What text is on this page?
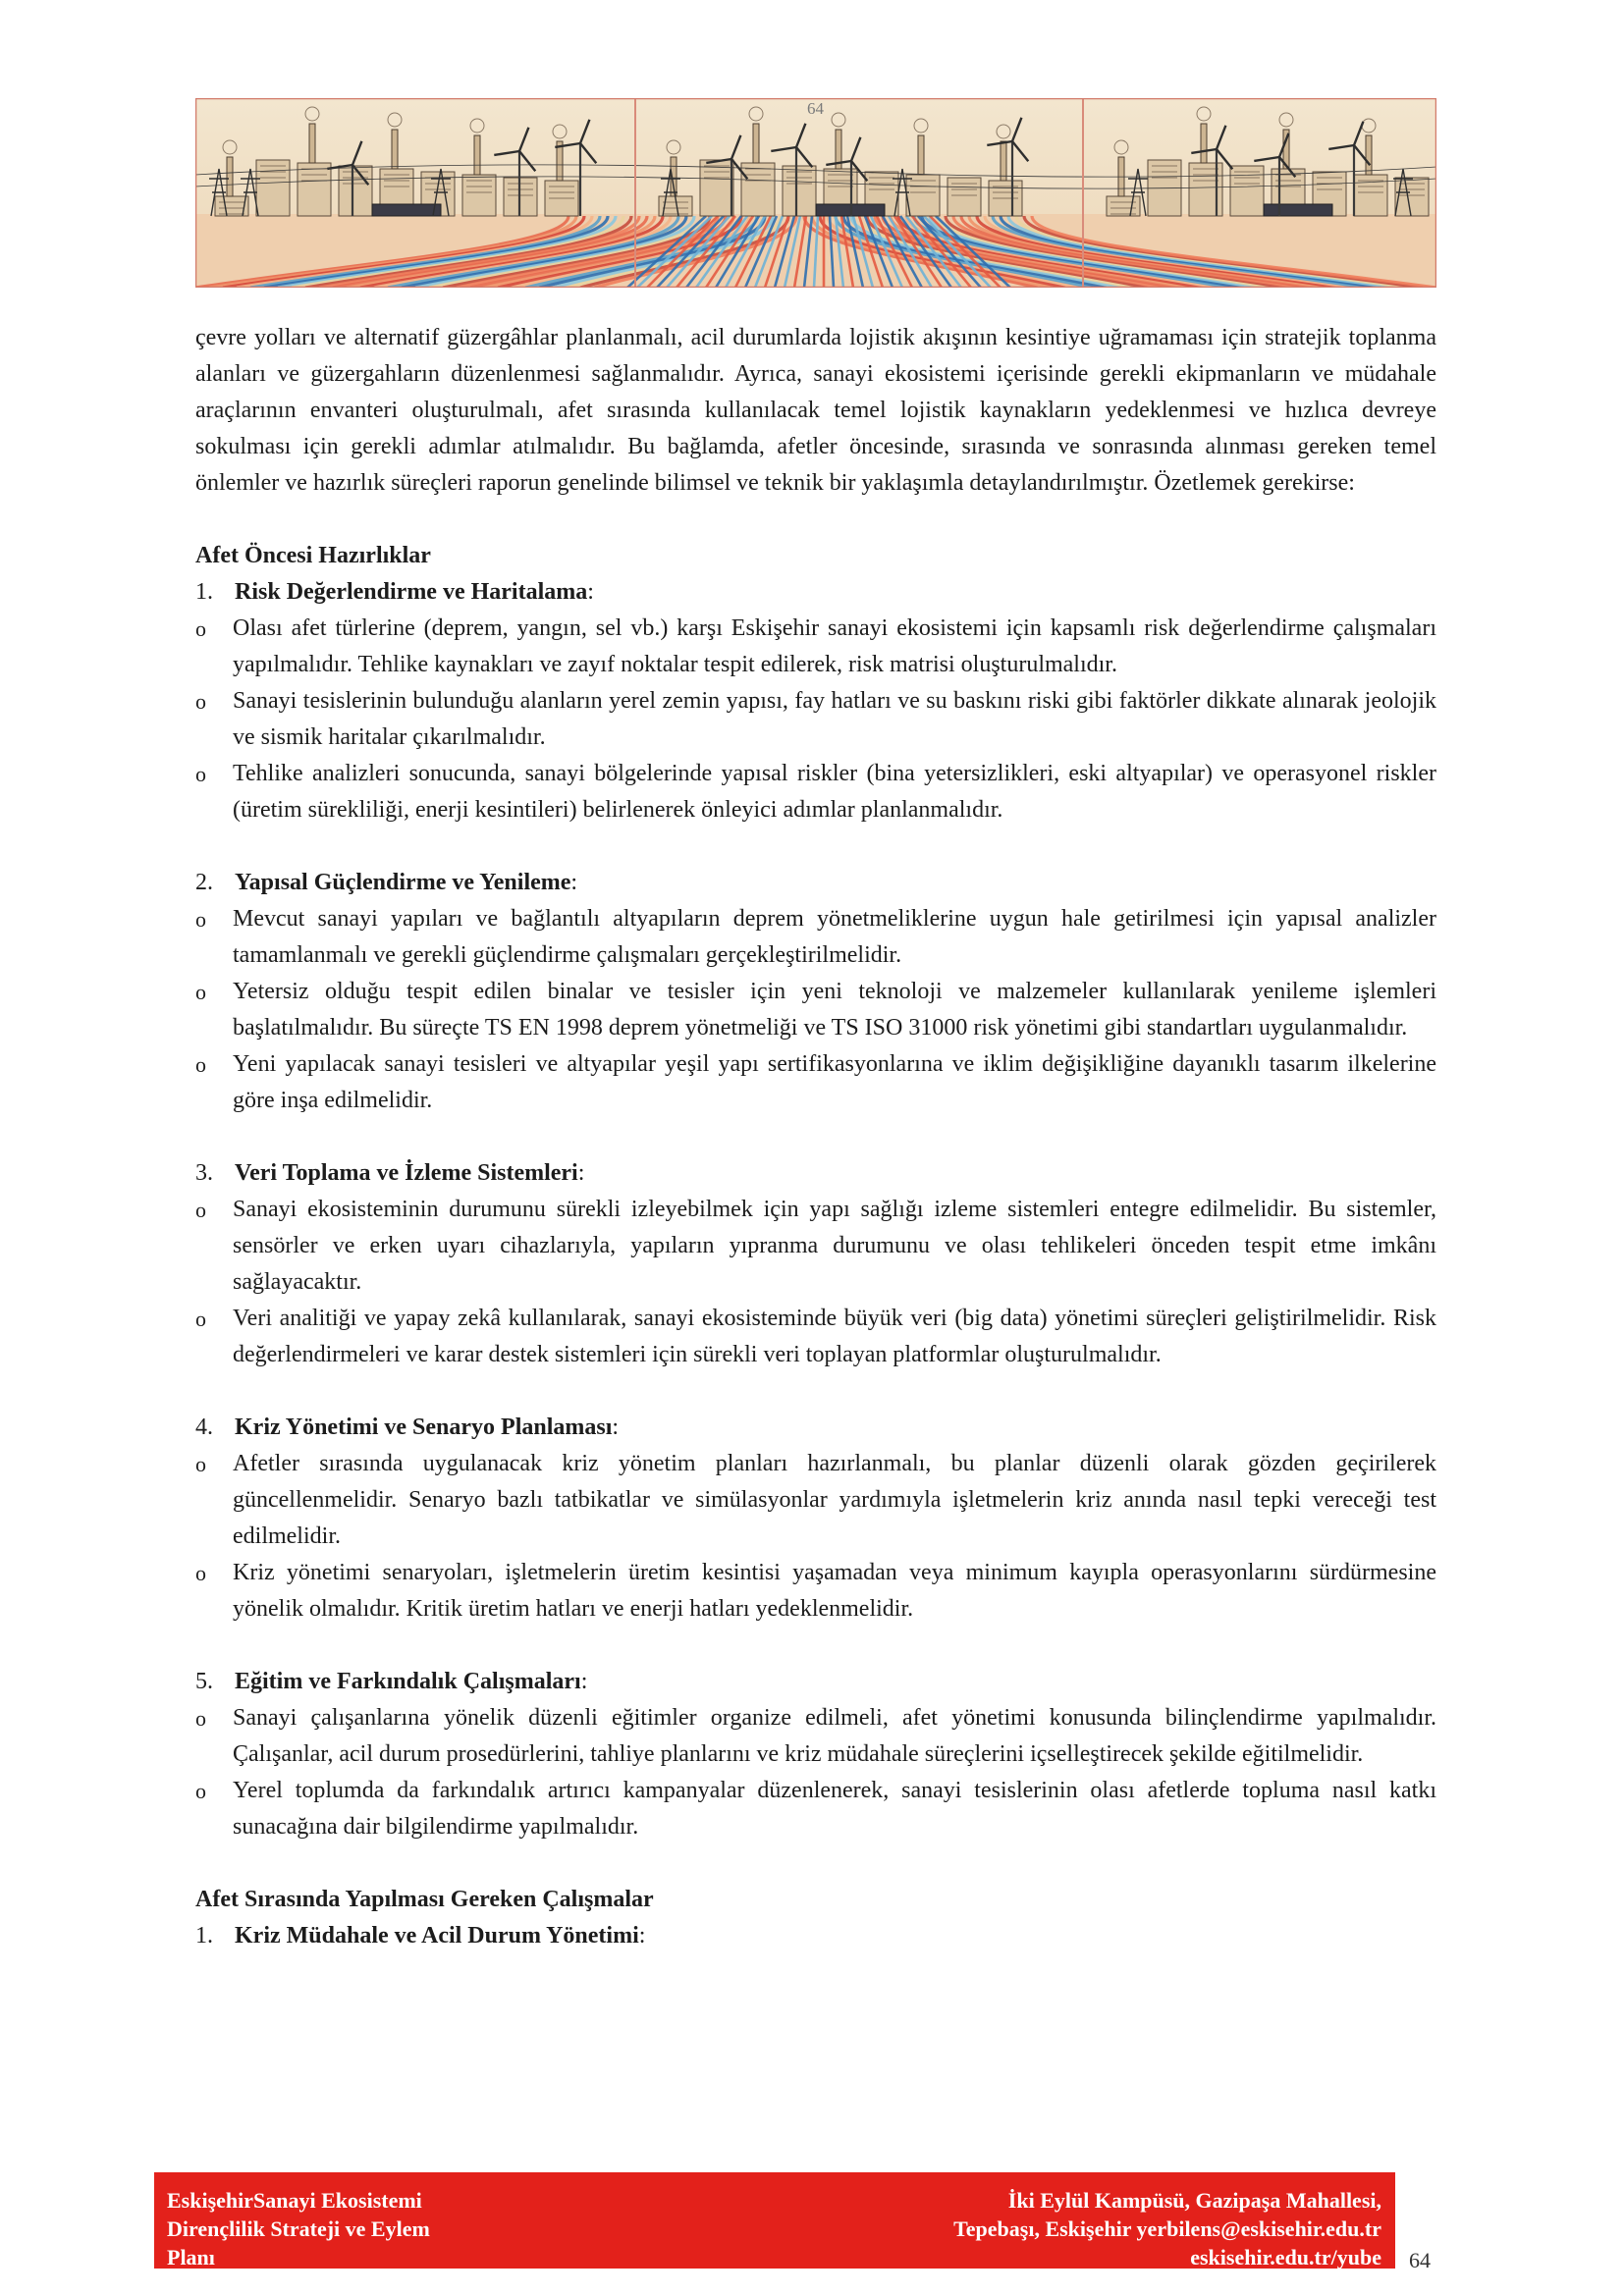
64

çevre yolları ve alternatif güzergâhlar planlanmalı, acil durumlarda lojistik akışının kesintiye uğramaması için stratejik toplanma alanları ve güzergahların düzenlenmesi sağlanmalıdır. Ayrıca, sanayi ekosistemi içerisinde gerekli ekipmanların ve müdahale araçlarının envanteri oluşturulmalı, afet sırasında kullanılacak temel lojistik kaynakların yedeklenmesi ve hızlıca devreye sokulması için gerekli adımlar atılmalıdır. Bu bağlamda, afetler öncesinde, sırasında ve sonrasında alınması gereken temel önlemler ve hazırlık süreçleri raporun genelinde bilimsel ve teknik bir yaklaşımla detaylandırılmıştır. Özetlemek gerekirse:

Afet Öncesi Hazırlıklar
1. Risk Değerlendirme ve Haritalama:
o	Olası afet türlerine (deprem, yangın, sel vb.) karşı Eskişehir sanayi ekosistemi için kapsamlı risk değerlendirme çalışmaları yapılmalıdır. Tehlike kaynakları ve zayıf noktalar tespit edilerek, risk matrisi oluşturulmalıdır.
o	Sanayi tesislerinin bulunduğu alanların yerel zemin yapısı, fay hatları ve su baskını riski gibi faktörler dikkate alınarak jeolojik ve sismik haritalar çıkarılmalıdır.
o	Tehlike analizleri sonucunda, sanayi bölgelerinde yapısal riskler (bina yetersizlikleri, eski altyapılar) ve operasyonel riskler (üretim sürekliliği, enerji kesintileri) belirlenerek önleyici adımlar planlanmalıdır.
2. Yapısal Güçlendirme ve Yenileme:
o	Mevcut sanayi yapıları ve bağlantılı altyapıların deprem yönetmeliklerine uygun hale getirilmesi için yapısal analizler tamamlanmalı ve gerekli güçlendirme çalışmaları gerçekleştirilmelidir.
o	Yetersiz olduğu tespit edilen binalar ve tesisler için yeni teknoloji ve malzemeler kullanılarak yenileme işlemleri başlatılmalıdır. Bu süreçte TS EN 1998 deprem yönetmeliği ve TS ISO 31000 risk yönetimi gibi standartları uygulanmalıdır.
o	Yeni yapılacak sanayi tesisleri ve altyapılar yeşil yapı sertifikasyonlarına ve iklim değişikliğine dayanıklı tasarım ilkelerine göre inşa edilmelidir.
3. Veri Toplama ve İzleme Sistemleri:
o	Sanayi ekosisteminin durumunu sürekli izleyebilmek için yapı sağlığı izleme sistemleri entegre edilmelidir. Bu sistemler, sensörler ve erken uyarı cihazlarıyla, yapıların yıpranma durumunu ve olası tehlikeleri önceden tespit etme imkânı sağlayacaktır.
o	Veri analitiği ve yapay zekâ kullanılarak, sanayi ekosisteminde büyük veri (big data) yönetimi süreçleri geliştirilmelidir. Risk değerlendirmeleri ve karar destek sistemleri için sürekli veri toplayan platformlar oluşturulmalıdır.
4. Kriz Yönetimi ve Senaryo Planlaması:
o	Afetler sırasında uygulanacak kriz yönetim planları hazırlanmalı, bu planlar düzenli olarak gözden geçirilerek güncellenmelidir. Senaryo bazlı tatbikatlar ve simülasyonlar yardımıyla işletmelerin kriz anında nasıl tepki vereceği test edilmelidir.
o	Kriz yönetimi senaryoları, işletmelerin üretim kesintisi yaşamadan veya minimum kayıpla operasyonlarını sürdürmesine yönelik olmalıdır. Kritik üretim hatları ve enerji hatları yedeklenmelidir.
5. Eğitim ve Farkındalık Çalışmaları:
o	Sanayi çalışanlarına yönelik düzenli eğitimler organize edilmeli, afet yönetimi konusunda bilinçlendirme yapılmalıdır. Çalışanlar, acil durum prosedürlerini, tahliye planlarını ve kriz müdahale süreçlerini içselleştirecek şekilde eğitilmelidir.
o	Yerel toplumda da farkındalık artırıcı kampanyalar düzenlenerek, sanayi tesislerinin olası afetlerde topluma nasıl katkı sunacağına dair bilgilendirme yapılmalıdır.
Afet Sırasında Yapılması Gereken Çalışmalar
1. Kriz Müdahale ve Acil Durum Yönetimi:
EskişehirSanayi Ekosistemi
Dirençlilik Strateji ve Eylem
Planı
İki Eylül Kampüsü, Gazipaşa Mahallesi,
Tepebaşı, Eskişehir yerbilens@eskisehir.edu.tr
eskisehir.edu.tr/yube 64
